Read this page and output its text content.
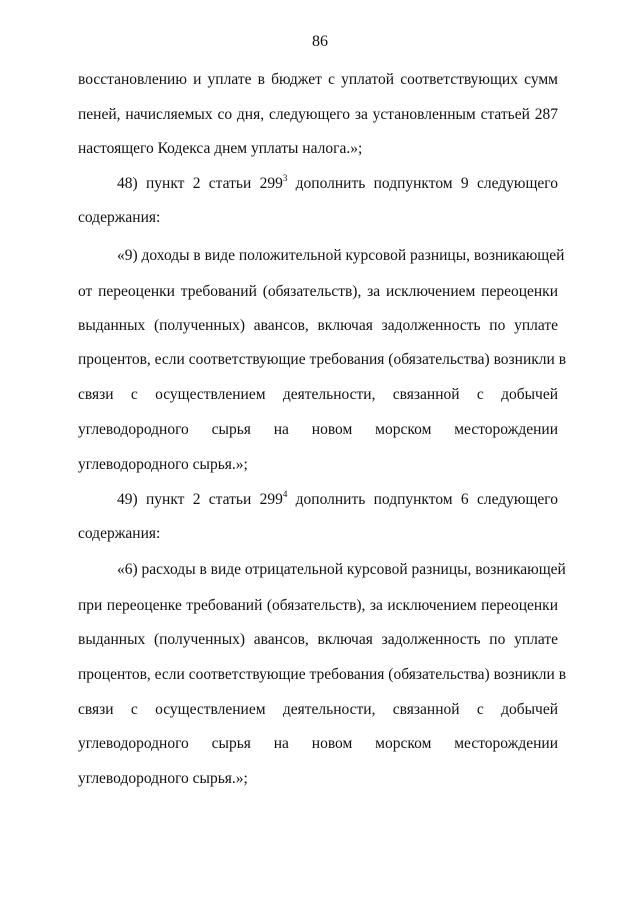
86
восстановлению и уплате в бюджет с уплатой соответствующих сумм
пеней, начисляемых со дня, следующего за установленным статьей 287
настоящего Кодекса днем уплаты налога.»;
48) пункт 2 статьи $299^3$ дополнить подпунктом 9 следующего
содержания:
«9) доходы в виде положительной курсовой разницы, возникающей
от переоценки требований (обязательств), за исключением переоценки
выданных (полученных) авансов, включая задолженность по уплате
процентов, если соответствующие требования (обязательства) возникли в
связи с осуществлением деятельности, связанной с добычей
углеводородного сырья на новом морском месторождении
углеводородного сырья.»;
49) пункт 2 статьи $299^4$ дополнить подпунктом 6 следующего
содержания:
«6) расходы в виде отрицательной курсовой разницы, возникающей
при переоценке требований (обязательств), за исключением переоценки
выданных (полученных) авансов, включая задолженность по уплате
процентов, если соответствующие требования (обязательства) возникли в
связи с осуществлением деятельности, связанной с добычей
углеводородного сырья на новом морском месторождении
углеводородного сырья.»;
